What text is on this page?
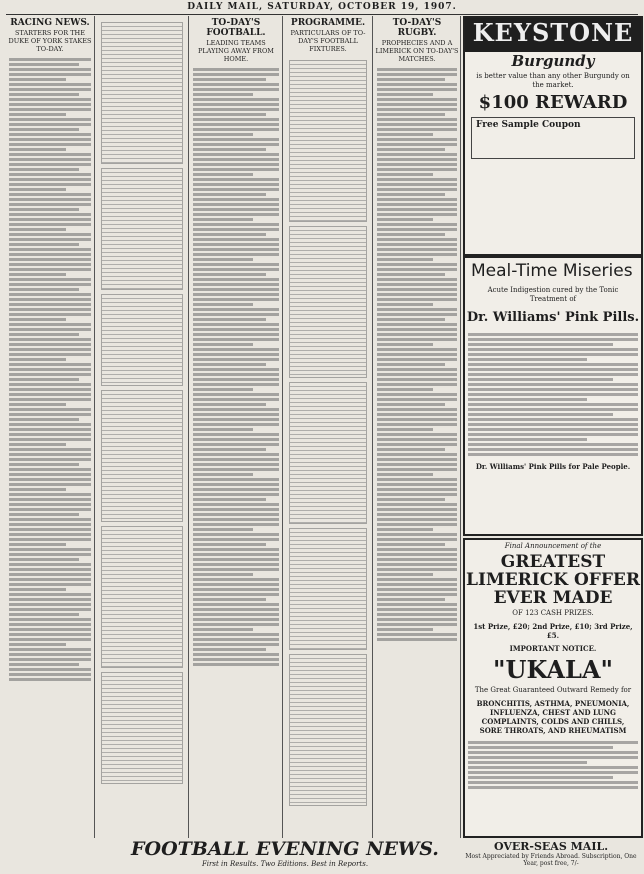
DAILY MAIL, SATURDAY, OCTOBER 19, 1907.
RACING NEWS.
STARTERS FOR THE DUKE OF YORK STAKES TO-DAY.
TO-DAY'S FOOTBALL.
LEADING TEAMS PLAYING AWAY FROM HOME.
PROGRAMME.
PARTICULARS OF TO-DAY'S FOOTBALL FIXTURES.
TO-DAY'S RUGBY.
PROPHECIES AND A LIMERICK ON TO-DAY'S MATCHES.
KEYSTONE
Burgundy
is better value than any other Burgundy on the market.
$100 REWARD
Free Sample Coupon
Meal-Time Miseries
Acute Indigestion cured by the Tonic Treatment of
Dr. Williams' Pink Pills.
Dr. Williams' Pink Pills for Pale People.
Final Announcement of the
GREATEST LIMERICK OFFER EVER MADE
OF 123 CASH PRIZES.
1st Prize, £20; 2nd Prize, £10; 3rd Prize, £5.
IMPORTANT NOTICE.
"UKALA"
The Great Guaranteed Outward Remedy for
BRONCHITIS, ASTHMA, PNEUMONIA, INFLUENZA, CHEST AND LUNG COMPLAINTS, COLDS AND CHILLS, SORE THROATS, AND RHEUMATISM
FOOTBALL EVENING NEWS.
First in Results. Two Editions. Best in Reports.
OVER-SEAS MAIL.
Most Appreciated by Friends Abroad. Subscription, One Year, post free, 7/-
